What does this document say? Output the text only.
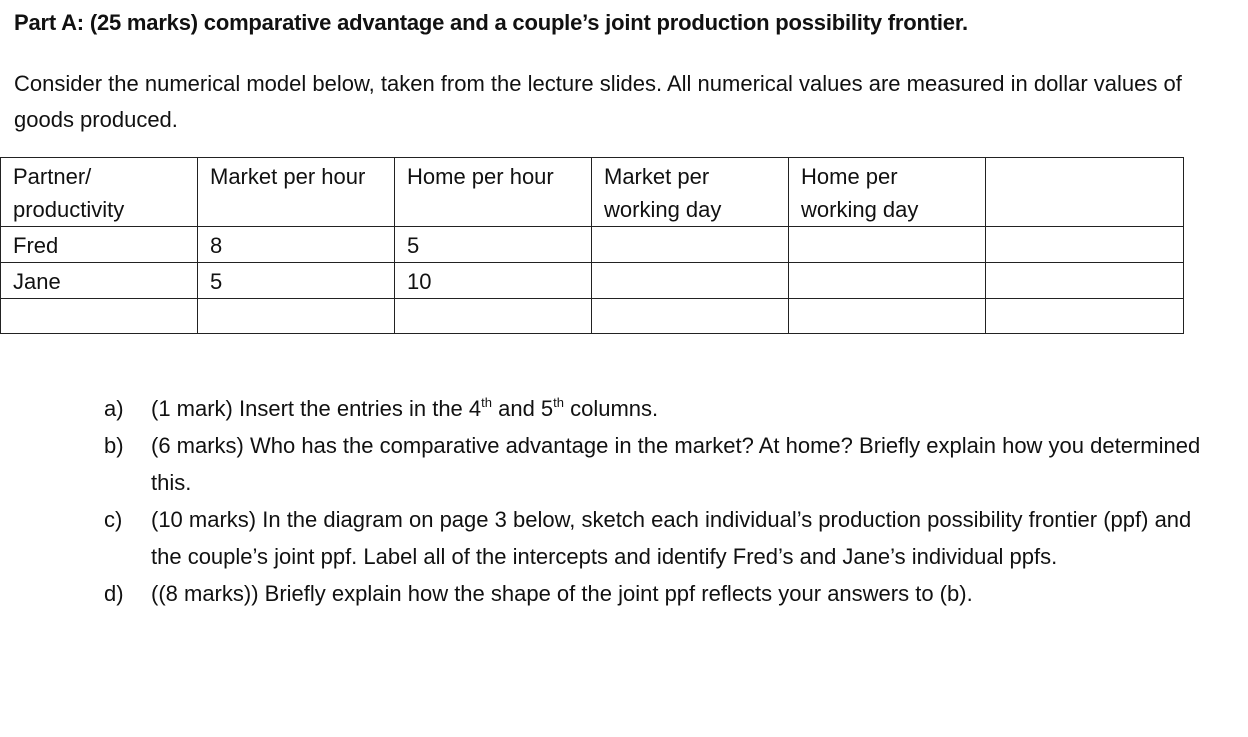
Part A: (25 marks) comparative advantage and a couple’s joint production possibility frontier.
Consider the numerical model below, taken from the lecture slides. All numerical values are measured in dollar values of goods produced.
Partner/ productivity	Market per hour	Home per hour	Market per working day	Home per working day	
Fred	8	5			
Jane	5	10			

a) (1 mark) Insert the entries in the 4th and 5th columns.
b) (6 marks) Who has the comparative advantage in the market? At home? Briefly explain how you determined this.
c) (10 marks) In the diagram on page 3 below, sketch each individual’s production possibility frontier (ppf) and the couple’s joint ppf. Label all of the intercepts and identify Fred’s and Jane’s individual ppfs.
d) ((8 marks)) Briefly explain how the shape of the joint ppf reflects your answers to (b).
